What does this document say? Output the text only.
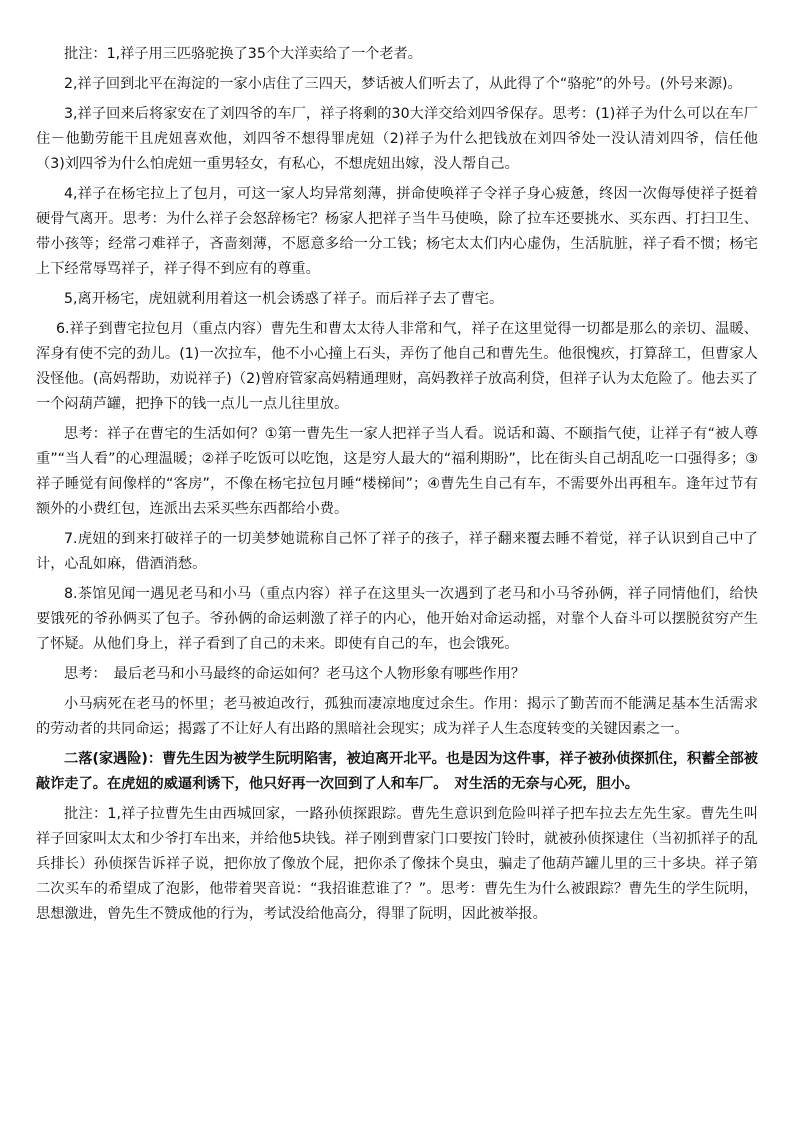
批注：1,祥子用三匹骆驼换了35个大洋卖给了一个老者。

2,祥子回到北平在海淀的一家小店住了三四天，梦话被人们听去了，从此得了个“骆驼”的外号。(外号来源)。

3,祥子回来后将家安在了刘四爷的车厂，祥子将剩的30大洋交给刘四爷保存。思考：(1)祥子为什么可以在车厂住－他勤劳能干且虎妞喜欢他，刘四爷不想得罪虎妞（2)祥子为什么把钱放在刘四爷处一没认清刘四爷，信任他（3)刘四爷为什么怕虎妞一重男轻女，有私心，不想虎妞出嫁，没人帮自己。

4,祥子在杨宅拉上了包月，可这一家人均异常刻薄，拼命使唤祥子令祥子身心疲惫，终因一次侮辱使祥子挺着硬骨气离开。思考：为什么祥子会怒辞杨宅？杨家人把祥子当牛马使唤，除了拉车还要挑水、买东西、打扫卫生、带小孩等；经常刁难祥子，吝啬刻薄，不愿意多给一分工钱；杨宅太太们内心虚伪，生活肮脏，祥子看不惯；杨宅上下经常辱骂祥子，祥子得不到应有的尊重。

5,离开杨宅，虎妞就利用着这一机会诱惑了祥子。而后祥子去了曹宅。

6.祥子到曹宅拉包月（重点内容）曹先生和曹太太待人非常和气，祥子在这里觉得一切都是那么的亲切、温暖、浑身有使不完的劲儿。(1)一次拉车，他不小心撞上石头，弄伤了他自己和曹先生。他很愧疚，打算辞工，但曹家人没怪他。(高妈帮助，劝说祥子)（2)曾府管家高妈精通理财，高妈教祥子放高利贷，但祥子认为太危险了。他去买了一个闷葫芦罐，把挣下的钱一点儿一点儿往里放。

思考：祥子在曹宅的生活如何？①第一曹先生一家人把祥子当人看。说话和蔼、不颐指气使，让祥子有“被人尊重”“当人看”的心理温暖；②祥子吃饭可以吃饱，这是穷人最大的“福利期盼”，比在街头自己胡乱吃一口强得多；③祥子睡觉有间像样的“客房”，不像在杨宅拉包月睡“楼梯间”；④曹先生自己有车，不需要外出再租车。逢年过节有额外的小费红包，连派出去采买些东西都给小费。

7.虎妞的到来打破祥子的一切美梦她谎称自己怀了祥子的孩子，祥子翻来覆去睡不着觉，祥子认识到自己中了计，心乱如麻，借酒消愁。

8.茶馆见闻一遇见老马和小马（重点内容）祥子在这里头一次遇到了老马和小马爷孙俩，祥子同情他们，给快要饿死的爷孙俩买了包子。爷孙俩的命运刺激了祥子的内心，他开始对命运动摇，对靠个人奋斗可以摆脱贫穷产生了怀疑。从他们身上，祥子看到了自己的未来。即使有自己的车，也会饿死。

思考：　最后老马和小马最终的命运如何？老马这个人物形象有哪些作用？

小马病死在老马的怀里；老马被迫改行，孤独而凄凉地度过余生。作用：揭示了勤苦而不能满足基本生活需求的劳动者的共同命运；揭露了不让好人有出路的黑暗社会现实；成为祥子人生态度转变的关键因素之一。

二落(家遇险)：曹先生因为被学生阮明陷害，被迫离开北平。也是因为这件事，祥子被孙侦探抓住，积蓄全部被敲诈走了。在虎妞的威逼利诱下，他只好再一次回到了人和车厂。　对生活的无奈与心死，胆小。

批注：1,祥子拉曹先生由西城回家，一路孙侦探跟踪。曹先生意识到危险叫祥子把车拉去左先生家。曹先生叫祥子回家叫太太和少爷打车出来，并给他5块钱。祥子刚到曹家门口要按门铃时，就被孙侦探逮住（当初抓祥子的乱兵排长）孙侦探告诉祥子说，把你放了像放个屁，把你杀了像抹个臭虫，骗走了他葫芦罐儿里的三十多块。祥子第二次买车的希望成了泡影，他带着哭音说：“我招谁惹谁了？”。思考：曹先生为什么被跟踪？曹先生的学生阮明，思想激进，曾先生不赞成他的行为，考试没给他高分，得罪了阮明，因此被举报。
